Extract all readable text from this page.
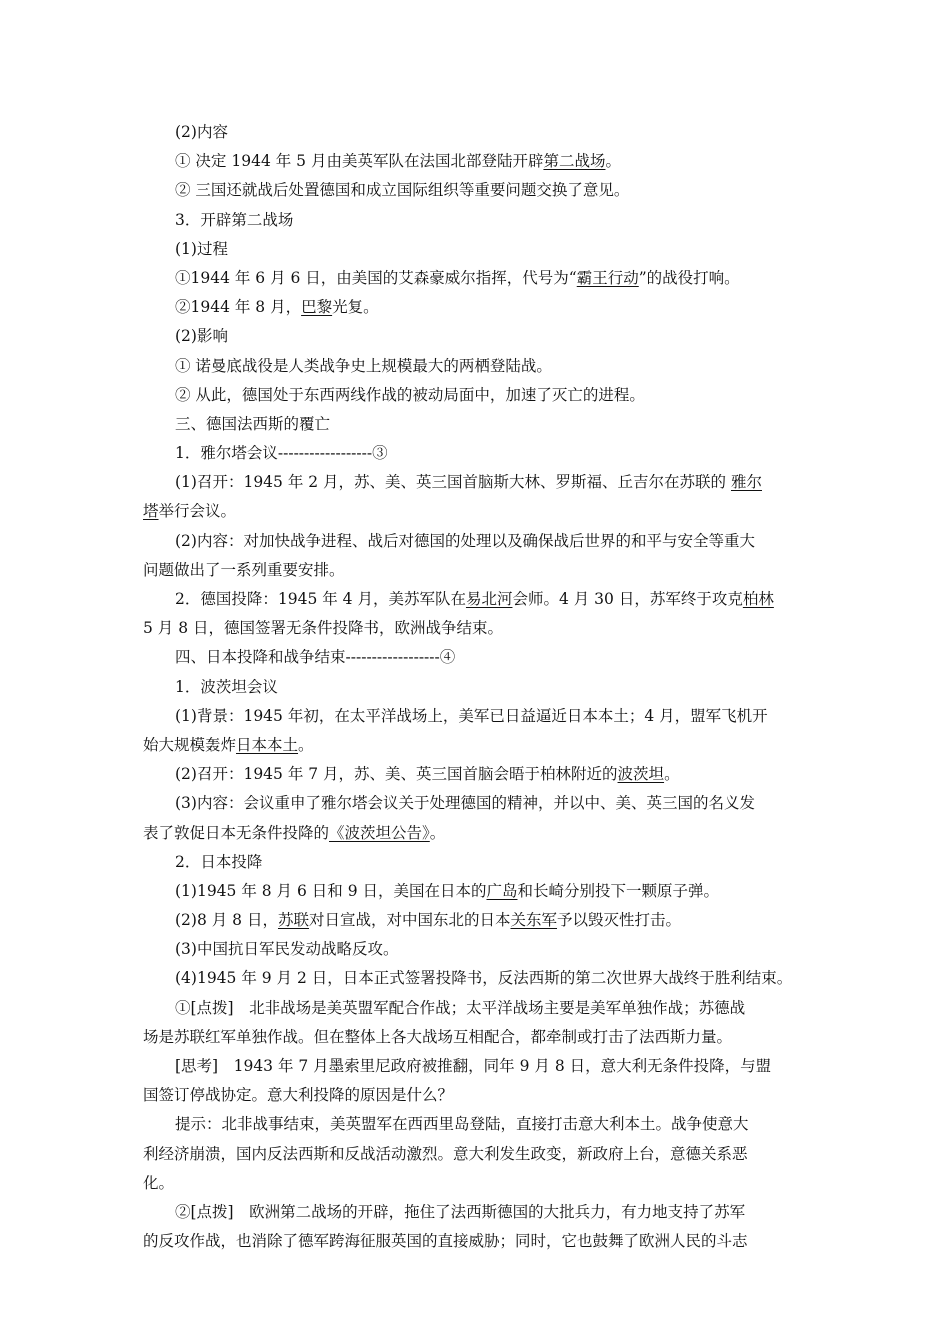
(2)内容
① 决定 1944 年 5 月由美英军队在法国北部登陆开辟第二战场。
② 三国还就战后处置德国和成立国际组织等重要问题交换了意见。
3．开辟第二战场
(1)过程
①1944 年 6 月 6 日，由美国的艾森豪威尔指挥，代号为“霸王行动”的战役打响。
②1944 年 8 月，巴黎光复。
(2)影响
① 诺曼底战役是人类战争史上规模最大的两栖登陆战。
② 从此，德国处于东西两线作战的被动局面中，加速了灭亡的进程。
三、德国法西斯的覆亡
1．雅尔塔会议------------------③
(1)召开：1945 年 2 月，苏、美、英三国首脑斯大林、罗斯福、丘吉尔在苏联的 雅尔
塔举行会议。
(2)内容：对加快战争进程、战后对德国的处理以及确保战后世界的和平与安全等重大
问题做出了一系列重要安排。
2．德国投降：1945 年 4 月，美苏军队在易北河会师。4 月 30 日，苏军终于攻克柏林
5 月 8 日，德国签署无条件投降书，欧洲战争结束。
四、日本投降和战争结束------------------④
1．波茨坦会议
(1)背景：1945 年初，在太平洋战场上，美军已日益逼近日本本土；4 月，盟军飞机开
始大规模轰炸日本本土。
(2)召开：1945 年 7 月，苏、美、英三国首脑会晤于柏林附近的波茨坦。
(3)内容：会议重申了雅尔塔会议关于处理德国的精神，并以中、美、英三国的名义发
表了敦促日本无条件投降的《波茨坦公告》。
2．日本投降
(1)1945 年 8 月 6 日和 9 日，美国在日本的广岛和长崎分别投下一颗原子弹。
(2)8 月 8 日，苏联对日宣战，对中国东北的日本关东军予以毁灭性打击。
(3)中国抗日军民发动战略反攻。
(4)1945 年 9 月 2 日，日本正式签署投降书，反法西斯的第二次世界大战终于胜利结束。
①[点拨]　北非战场是美英盟军配合作战；太平洋战场主要是美军单独作战；苏德战
场是苏联红军单独作战。但在整体上各大战场互相配合，都牵制或打击了法西斯力量。
[思考]　1943 年 7 月墨索里尼政府被推翻，同年 9 月 8 日，意大利无条件投降，与盟
国签订停战协定。意大利投降的原因是什么？
提示：北非战事结束，美英盟军在西西里岛登陆，直接打击意大利本土。战争使意大
利经济崩溃，国内反法西斯和反战活动激烈。意大利发生政变，新政府上台，意德关系恶
化。
②[点拨]　欧洲第二战场的开辟，拖住了法西斯德国的大批兵力，有力地支持了苏军
的反攻作战，也消除了德军跨海征服英国的直接威胁；同时，它也鼓舞了欧洲人民的斗志
